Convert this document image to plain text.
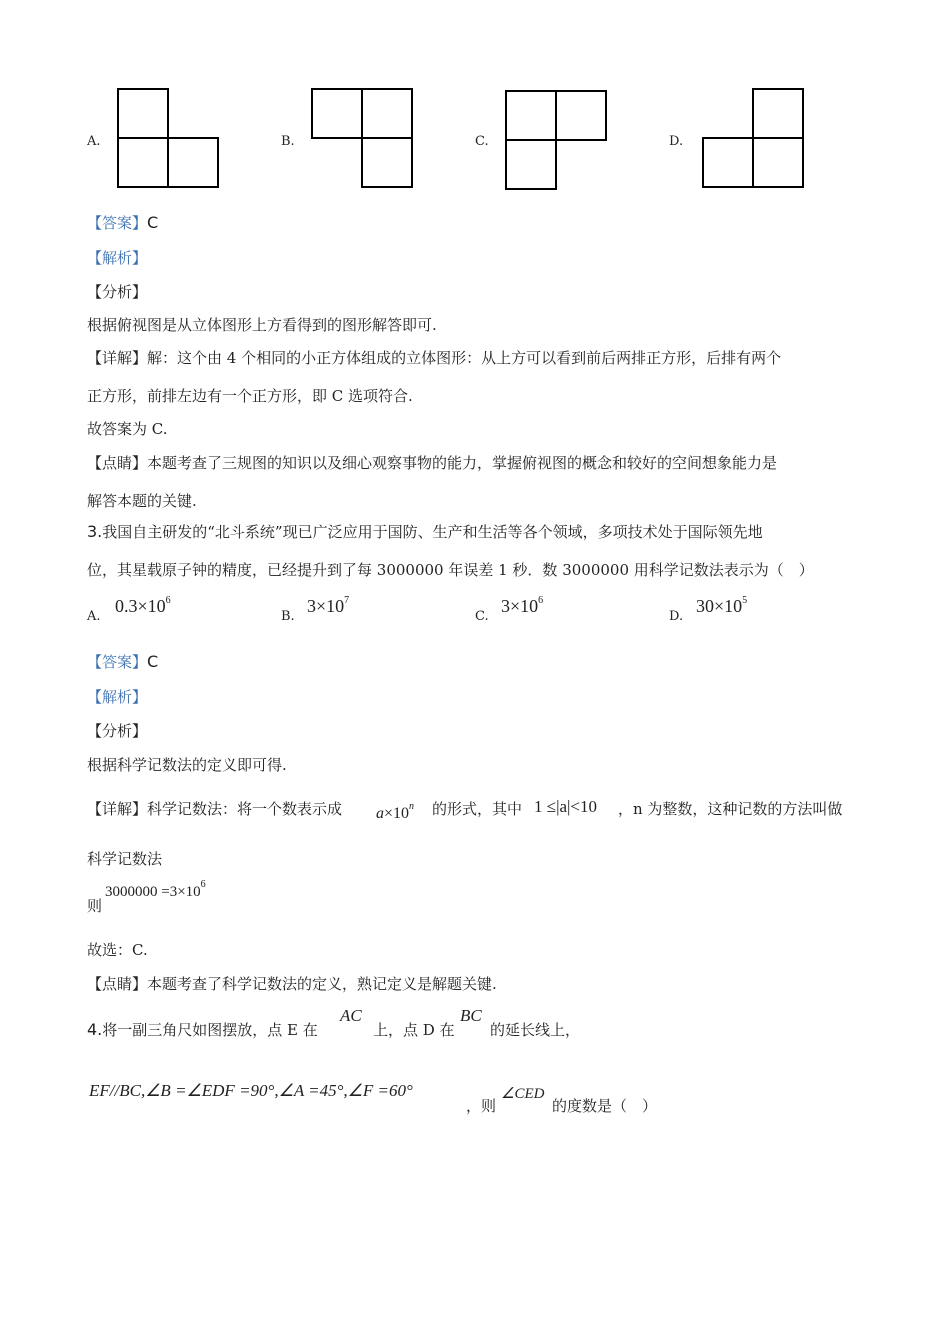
A.	B.	C.	D.
【答案】C
【解析】
【分析】
根据俯视图是从立体图形上方看得到的图形解答即可.
【详解】解：这个由 4 个相同的小正方体组成的立体图形：从上方可以看到前后两排正方形，后排有两个
正方形，前排左边有一个正方形，即 C 选项符合.
故答案为 C.
【点睛】本题考查了三规图的知识以及细心观察事物的能力，掌握俯视图的概念和较好的空间想象能力是
解答本题的关键.
3.我国自主研发的“北斗系统”现已广泛应用于国防、生产和生活等各个领域，多项技术处于国际领先地
位，其星载原子钟的精度，已经提升到了每 3000000 年误差 1 秒．数 3000000 用科学记数法表示为（　）
A.
$0.3\times 10^6$
B.
$3\times 10^7$
C.
$3\times 10^6$
D.
$30\times 10^5$
【答案】C
【解析】
【分析】
根据科学记数法的定义即可得.
【详解】科学记数法：将一个数表示成 $a\times 10^n$ 的形式，其中 1 ≤|a|<10 ，n 为整数，这种记数的方法叫做
科学记数法
则
$3000000 =3\times 10^6$
故选：C.
【点睛】本题考查了科学记数法的定义，熟记定义是解题关键.
4.将一副三角尺如图摆放，点 E 在
AC
上，点 D 在
BC
的延长线上，
EF//BC,∠B =∠EDF =90°,∠A =45°,∠F =60°
，则
∠CED
的度数是（　）
